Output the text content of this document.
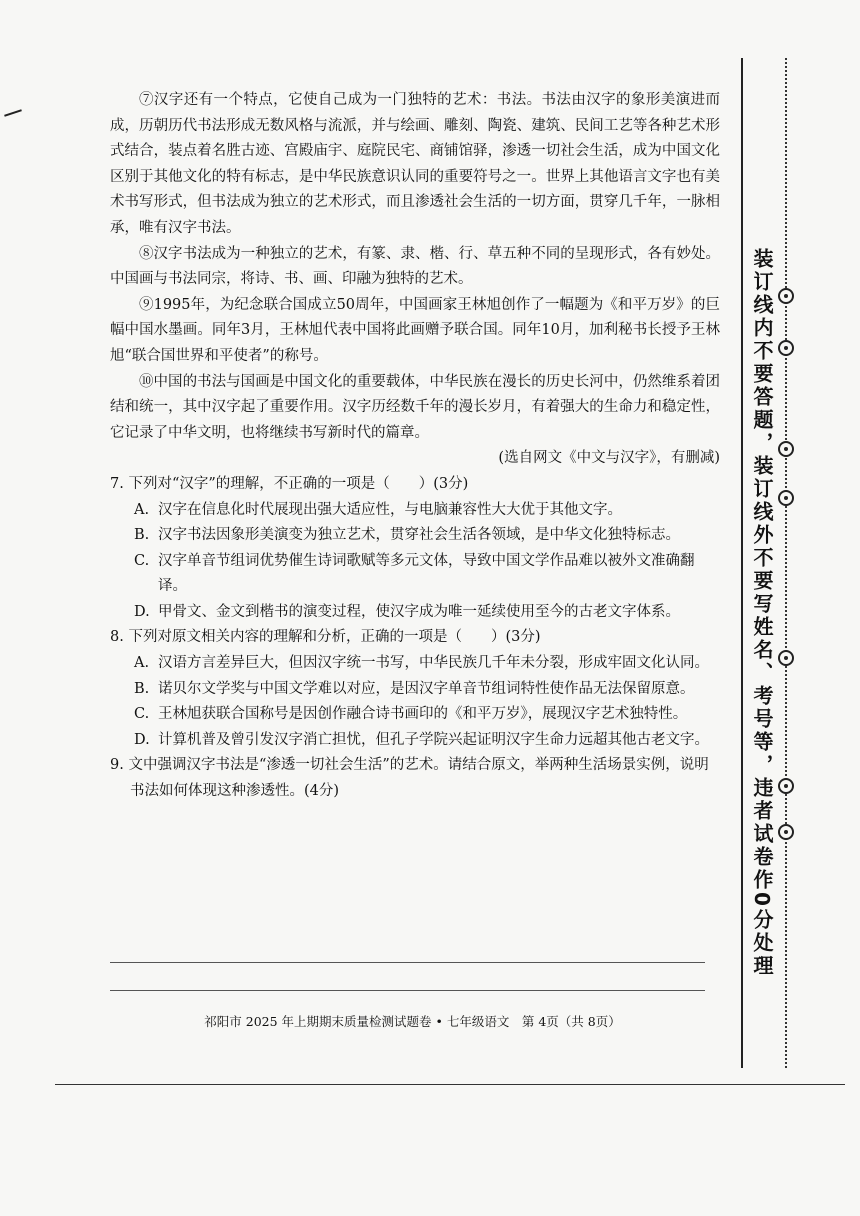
⑦汉字还有一个特点，它使自己成为一门独特的艺术：书法。书法由汉字的象形美演进而成，历朝历代书法形成无数风格与流派，并与绘画、雕刻、陶瓷、建筑、民间工艺等各种艺术形式结合，装点着名胜古迹、宫殿庙宇、庭院民宅、商铺馆驿，渗透一切社会生活，成为中国文化区别于其他文化的特有标志，是中华民族意识认同的重要符号之一。世界上其他语言文字也有美术书写形式，但书法成为独立的艺术形式，而且渗透社会生活的一切方面，贯穿几千年，一脉相承，唯有汉字书法。

⑧汉字书法成为一种独立的艺术，有篆、隶、楷、行、草五种不同的呈现形式，各有妙处。中国画与书法同宗，将诗、书、画、印融为独特的艺术。

⑨1995年，为纪念联合国成立50周年，中国画家王林旭创作了一幅题为《和平万岁》的巨幅中国水墨画。同年3月，王林旭代表中国将此画赠予联合国。同年10月，加利秘书长授予王林旭“联合国世界和平使者”的称号。

⑩中国的书法与国画是中国文化的重要载体，中华民族在漫长的历史长河中，仍然维系着团结和统一，其中汉字起了重要作用。汉字历经数千年的漫长岁月，有着强大的生命力和稳定性，它记录了中华文明，也将继续书写新时代的篇章。

(选自网文《中文与汉字》，有删减)

7. 下列对“汉字”的理解，不正确的一项是（　　）(3分)

A. 汉字在信息化时代展现出强大适应性，与电脑兼容性大大优于其他文字。

B. 汉字书法因象形美演变为独立艺术，贯穿社会生活各领域，是中华文化独特标志。

C. 汉字单音节组词优势催生诗词歌赋等多元文体，导致中国文学作品难以被外文准确翻译。

D. 甲骨文、金文到楷书的演变过程，使汉字成为唯一延续使用至今的古老文字体系。

8. 下列对原文相关内容的理解和分析，正确的一项是（　　）(3分)

A. 汉语方言差异巨大，但因汉字统一书写，中华民族几千年未分裂，形成牢固文化认同。

B. 诺贝尔文学奖与中国文学难以对应，是因汉字单音节组词特性使作品无法保留原意。

C. 王林旭获联合国称号是因创作融合诗书画印的《和平万岁》，展现汉字艺术独特性。

D. 计算机普及曾引发汉字消亡担忧，但孔子学院兴起证明汉字生命力远超其他古老文字。

9. 文中强调汉字书法是“渗透一切社会生活”的艺术。请结合原文，举两种生活场景实例，说明书法如何体现这种渗透性。(4分)
祁阳市 2025 年上期期末质量检测试题卷 • 七年级语文　第 4页（共 8页）
装订线内不要答题，装订线外不要写姓名、考号等，违者试卷作0分处理
